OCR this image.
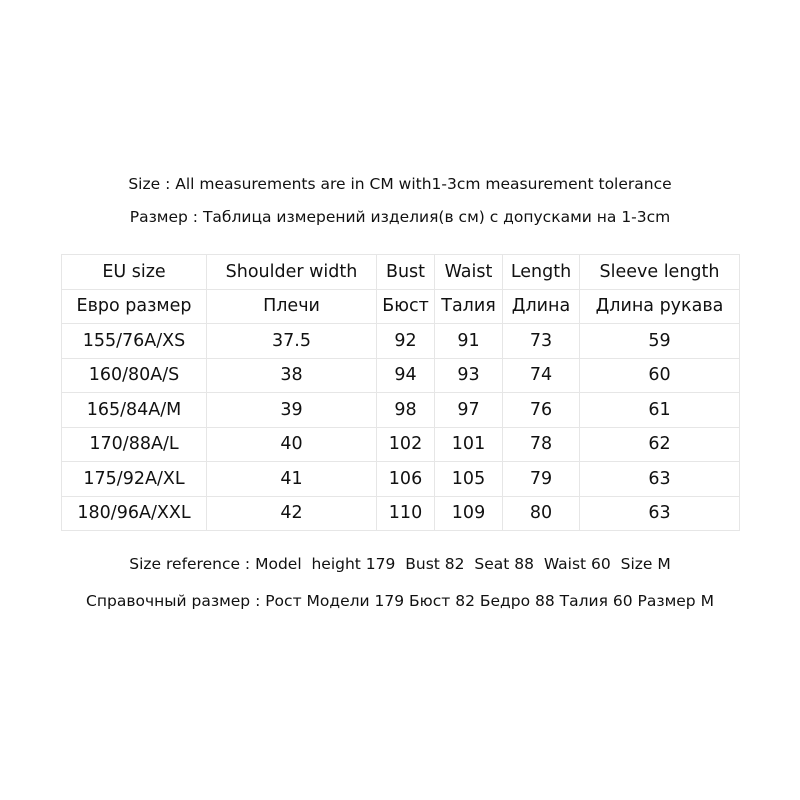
Size : All measurements are in CM with1-3cm measurement tolerance
Размер : Таблица измерений изделия(в см) с допусками на 1-3cm
EU size	Shoulder width	Bust	Waist	Length	Sleeve length
Евро размер	Плечи	Бюст	Талия	Длина	Длина рукава
155/76A/XS	37.5	92	91	73	59
160/80A/S	38	94	93	74	60
165/84A/M	39	98	97	76	61
170/88A/L	40	102	101	78	62
175/92A/XL	41	106	105	79	63
180/96A/XXL	42	110	109	80	63
Size reference : Model  height 179  Bust 82  Seat 88  Waist 60  Size M
Справочный размер : Рост Модели 179 Бюст 82 Бедро 88 Талия 60 Размер М
